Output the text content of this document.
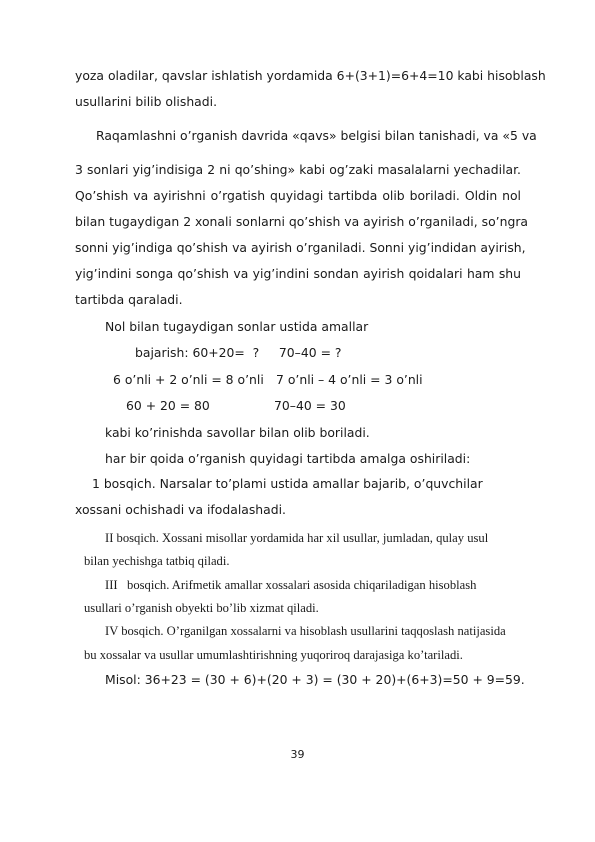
yoza oladilar, qavslar ishlatish yordamida 6+(3+1)=6+4=10 kabi hisoblash
usullarini bilib olishadi.
Raqamlashni o’rganish davrida «qavs» belgisi bilan tanishadi, va «5 va
3 sonlari yig’indisiga 2 ni qo’shing» kabi og’zaki masalalarni yechadilar.
Qo’shish va ayirishni o’rgatish quyidagi tartibda olib boriladi. Oldin nol
bilan tugaydigan 2 xonali sonlarni qo’shish va ayirish o’rganiladi, so’ngra
sonni yig’indiga qo’shish va ayirish o’rganiladi. Sonni yig’indidan ayirish,
yig’indini songa qo’shish va yig’indini sondan ayirish qoidalari ham shu
tartibda qaraladi.
Nol bilan tugaydigan sonlar ustida amallar
bajarish: 60+20=  ?     70–40 = ?
6 o’nli + 2 o’nli = 8 o’nli 7 o’nli – 4 o’nli = 3 o’nli
60 + 20 = 80	70–40 = 30
kabi ko’rinishda savollar bilan olib boriladi.
har bir qoida o’rganish quyidagi tartibda amalga oshiriladi:
1 bosqich. Narsalar to’plami ustida amallar bajarib, o’quvchilar
xossani ochishadi va ifodalashadi.
II bosqich. Xossani misollar yordamida har xil usullar, jumladan, qulay usul
bilan yechishga tatbiq qiladi.
III   bosqich. Arifmetik amallar xossalari asosida chiqariladigan hisoblash
usullari o’rganish obyekti bo’lib xizmat qiladi.
IV bosqich. O’rganilgan xossalarni va hisoblash usullarini taqqoslash natijasida
bu xossalar va usullar umumlashtirishning yuqoriroq darajasiga ko’tariladi.
Misol: 36+23 = (30 + 6)+(20 + 3) = (30 + 20)+(6+3)=50 + 9=59.
39
